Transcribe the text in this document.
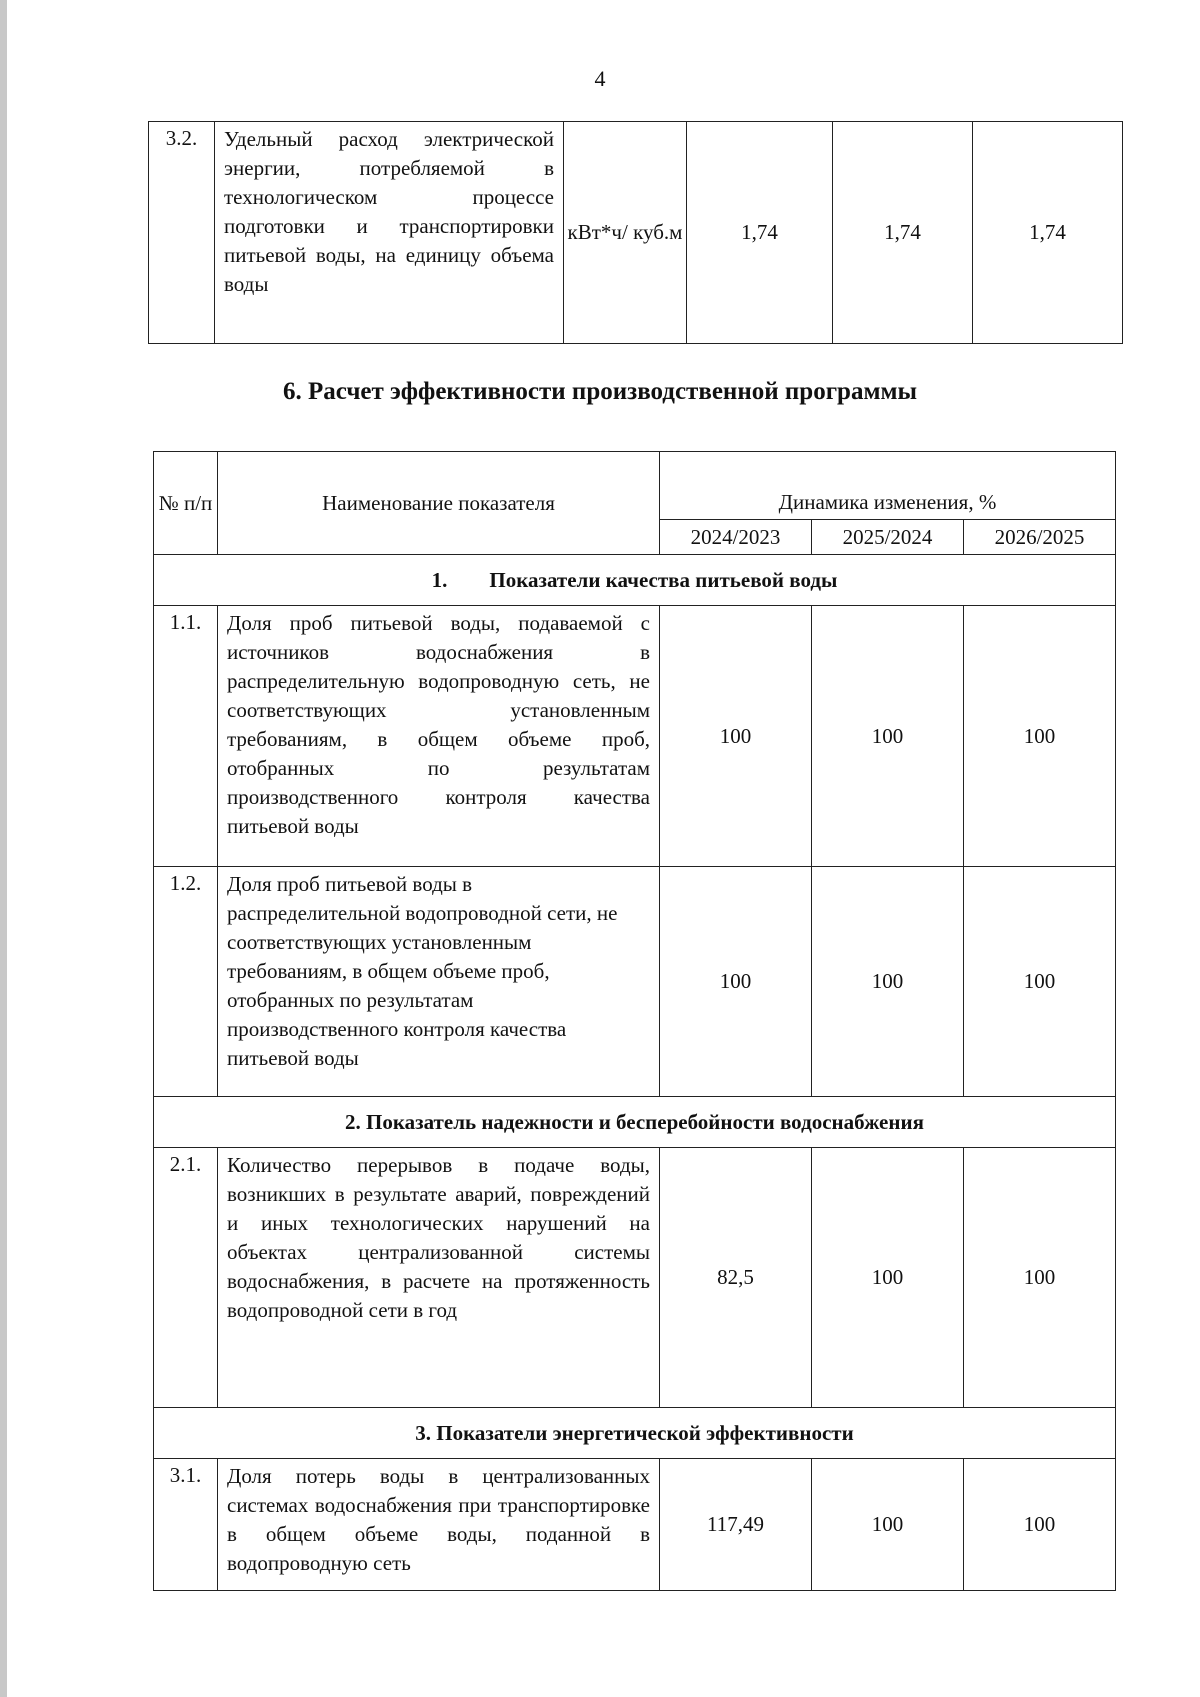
4
3.2.	Удельный расход электрической энергии, потребляемой в технологическом процессе подготовки и транспортировки питьевой воды, на единицу объема воды	кВт*ч/ куб.м	1,74	1,74	1,74
6. Расчет эффективности производственной программы
№ п/п	Наименование показателя	Динамика изменения, %		
		2024/2023	2025/2024	2026/2025
1.  Показатели качества питьевой воды				
1.1.	Доля проб питьевой воды, подаваемой с источников водоснабжения в распределительную водопроводную сеть, не соответствующих установленным требованиям, в общем объеме проб, отобранных по результатам производственного контроля качества питьевой воды	100	100	100
1.2.	Доля проб питьевой воды в распределительной водопроводной сети, не соответствующих установленным требованиям, в общем объеме проб, отобранных по результатам производственного контроля качества питьевой воды	100	100	100
2. Показатель надежности и бесперебойности водоснабжения				
2.1.	Количество перерывов в подаче воды, возникших в результате аварий, повреждений и иных технологических нарушений на объектах централизованной системы водоснабжения, в расчете на протяженность водопроводной сети в год	82,5	100	100
3. Показатели энергетической эффективности				
3.1.	Доля потерь воды в централизованных системах водоснабжения при транспортировке в общем объеме воды, поданной в водопроводную сеть	117,49	100	100
